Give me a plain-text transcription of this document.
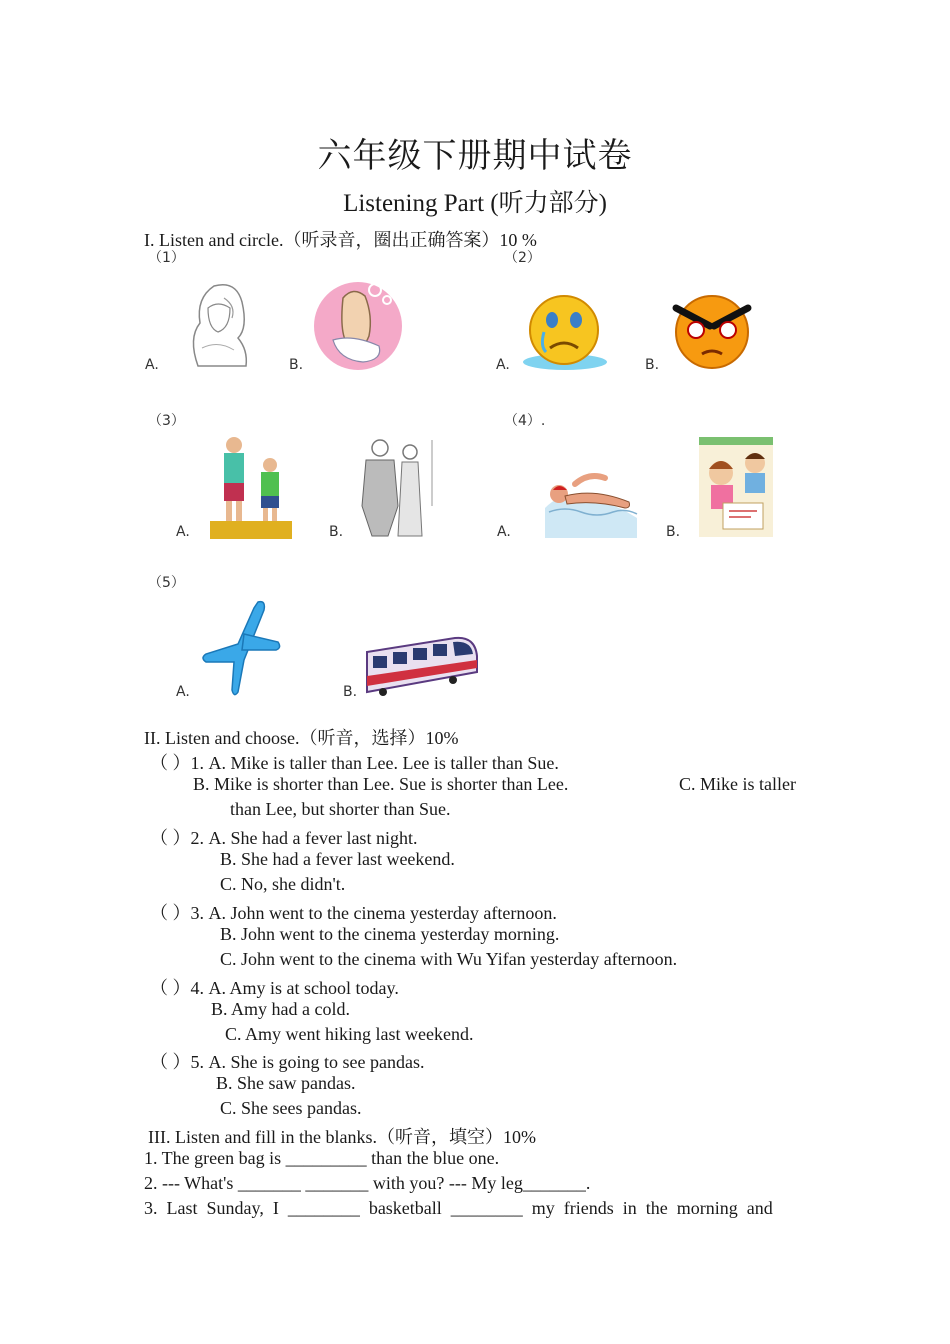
六年级下册期中试卷
Listening Part (听力部分)
I. Listen and circle.（听录音，圈出正确答案）10 %
（1）
A.	B.
（2）
A.	B.
（3）
A.	B.
（4）.
A.	B.
（5）
A.	B.
II. Listen and choose.（听音，选择）10%
（ ）1. A. Mike is taller than Lee. Lee is taller than Sue.
B. Mike is shorter than Lee. Sue is shorter than Lee.	C. Mike is taller
than Lee, but shorter than Sue.
（ ）2. A. She had a fever last night.
B. She had a fever last weekend.
C. No, she didn't.
（ ）3. A. John went to the cinema yesterday afternoon.
B. John went to the cinema yesterday morning.
C. John went to the cinema with Wu Yifan yesterday afternoon.
（ ）4. A. Amy is at school today.
B. Amy had a cold.
C. Amy went hiking last weekend.
（ ）5. A. She is going to see pandas.
B. She saw pandas.
C. She sees pandas.
III. Listen and fill in the blanks.（听音，填空）10%
1. The green bag is _________ than the blue one.
2. --- What's _______ _______ with you? --- My leg_______.
3.  Last  Sunday,  I  ________  basketball  ________  my  friends  in  the  morning  and
